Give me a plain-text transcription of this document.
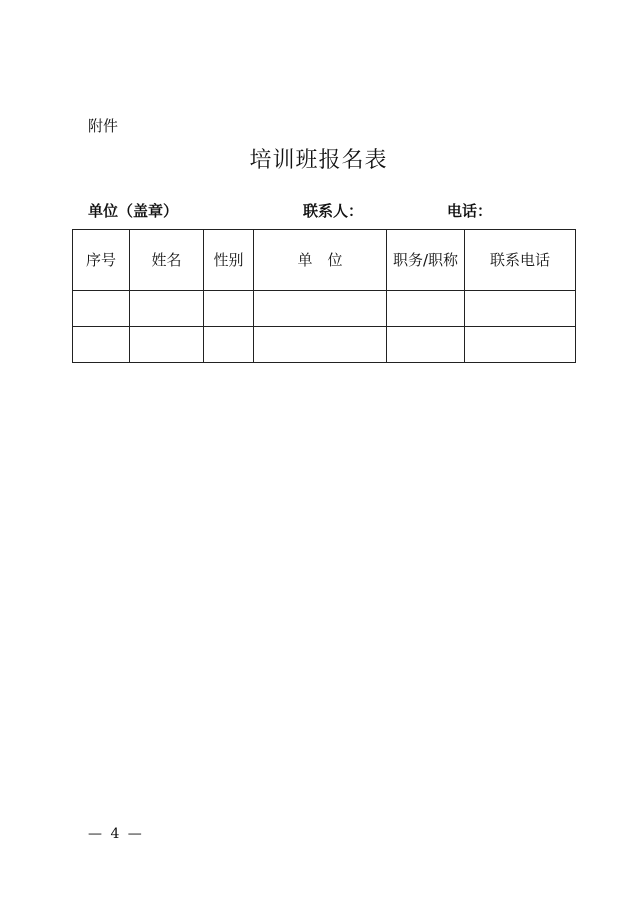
附件
培训班报名表
单位（盖章）	联系人：	电话：
序号	姓名	性别	单　位	职务/职称	联系电话

— 4 —
